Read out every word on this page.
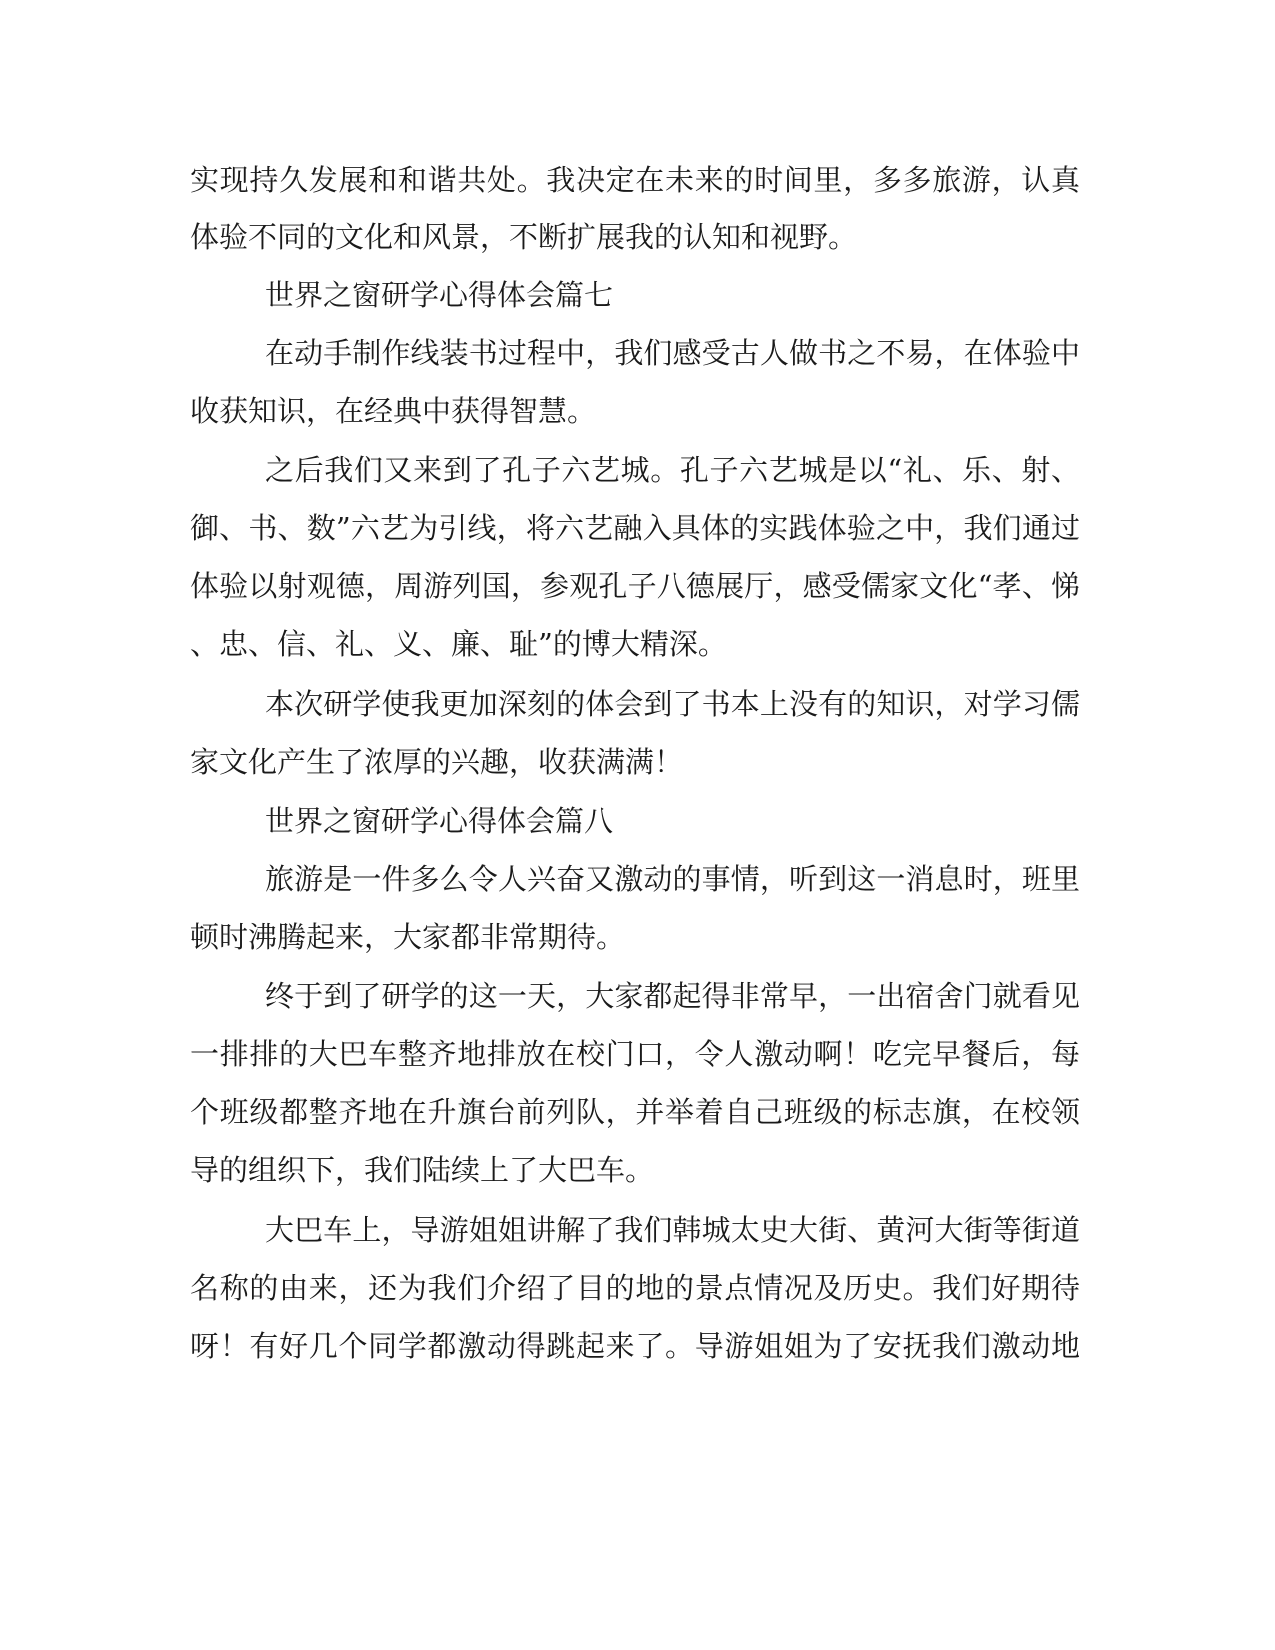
实现持久发展和和谐共处。我决定在未来的时间里，多多旅游，认真
体验不同的文化和风景，不断扩展我的认知和视野。
世界之窗研学心得体会篇七
在动手制作线装书过程中，我们感受古人做书之不易，在体验中
收获知识，在经典中获得智慧。
之后我们又来到了孔子六艺城。孔子六艺城是以“礼、乐、射、
御、书、数”六艺为引线，将六艺融入具体的实践体验之中，我们通过
体验以射观德，周游列国，参观孔子八德展厅，感受儒家文化“孝、悌
、忠、信、礼、义、廉、耻”的博大精深。
本次研学使我更加深刻的体会到了书本上没有的知识，对学习儒
家文化产生了浓厚的兴趣，收获满满！
世界之窗研学心得体会篇八
旅游是一件多么令人兴奋又激动的事情，听到这一消息时，班里
顿时沸腾起来，大家都非常期待。
终于到了研学的这一天，大家都起得非常早，一出宿舍门就看见
一排排的大巴车整齐地排放在校门口，令人激动啊！吃完早餐后，每
个班级都整齐地在升旗台前列队，并举着自己班级的标志旗，在校领
导的组织下，我们陆续上了大巴车。
大巴车上，导游姐姐讲解了我们韩城太史大街、黄河大街等街道
名称的由来，还为我们介绍了目的地的景点情况及历史。我们好期待
呀！有好几个同学都激动得跳起来了。导游姐姐为了安抚我们激动地
